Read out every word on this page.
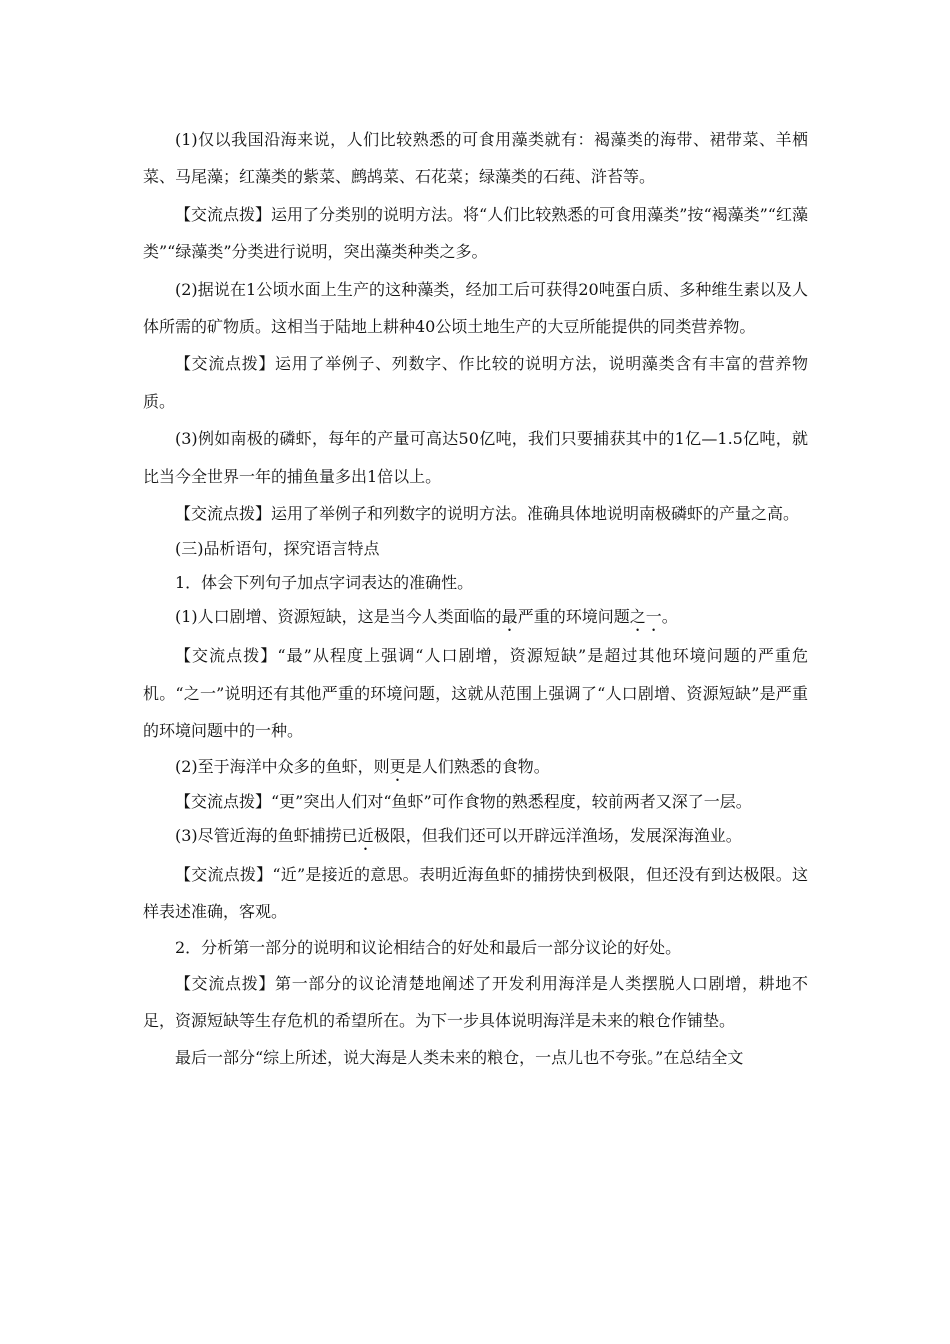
(1)仅以我国沿海来说，人们比较熟悉的可食用藻类就有：褐藻类的海带、裙带菜、羊栖菜、马尾藻；红藻类的紫菜、鹧鸪菜、石花菜；绿藻类的石莼、浒苔等。

【交流点拨】运用了分类别的说明方法。将“人们比较熟悉的可食用藻类”按“褐藻类”“红藻类”“绿藻类”分类进行说明，突出藻类种类之多。

(2)据说在1公顷水面上生产的这种藻类，经加工后可获得20吨蛋白质、多种维生素以及人体所需的矿物质。这相当于陆地上耕种40公顷土地生产的大豆所能提供的同类营养物。

【交流点拨】运用了举例子、列数字、作比较的说明方法，说明藻类含有丰富的营养物质。

(3)例如南极的磷虾，每年的产量可高达50亿吨，我们只要捕获其中的1亿—1.5亿吨，就比当今全世界一年的捕鱼量多出1倍以上。

【交流点拨】运用了举例子和列数字的说明方法。准确具体地说明南极磷虾的产量之高。

(三)品析语句，探究语言特点

1．体会下列句子加点字词表达的准确性。

(1)人口剧增、资源短缺，这是当今人类面临的最严重的环境问题之一。

【交流点拨】“最”从程度上强调“人口剧增，资源短缺”是超过其他环境问题的严重危机。“之一”说明还有其他严重的环境问题，这就从范围上强调了“人口剧增、资源短缺”是严重的环境问题中的一种。

(2)至于海洋中众多的鱼虾，则更是人们熟悉的食物。

【交流点拨】“更”突出人们对“鱼虾”可作食物的熟悉程度，较前两者又深了一层。

(3)尽管近海的鱼虾捕捞已近极限，但我们还可以开辟远洋渔场，发展深海渔业。

【交流点拨】“近”是接近的意思。表明近海鱼虾的捕捞快到极限，但还没有到达极限。这样表述准确，客观。

2．分析第一部分的说明和议论相结合的好处和最后一部分议论的好处。

【交流点拨】第一部分的议论清楚地阐述了开发利用海洋是人类摆脱人口剧增，耕地不足，资源短缺等生存危机的希望所在。为下一步具体说明海洋是未来的粮仓作铺垫。

最后一部分“综上所述，说大海是人类未来的粮仓，一点儿也不夸张。”在总结全文
